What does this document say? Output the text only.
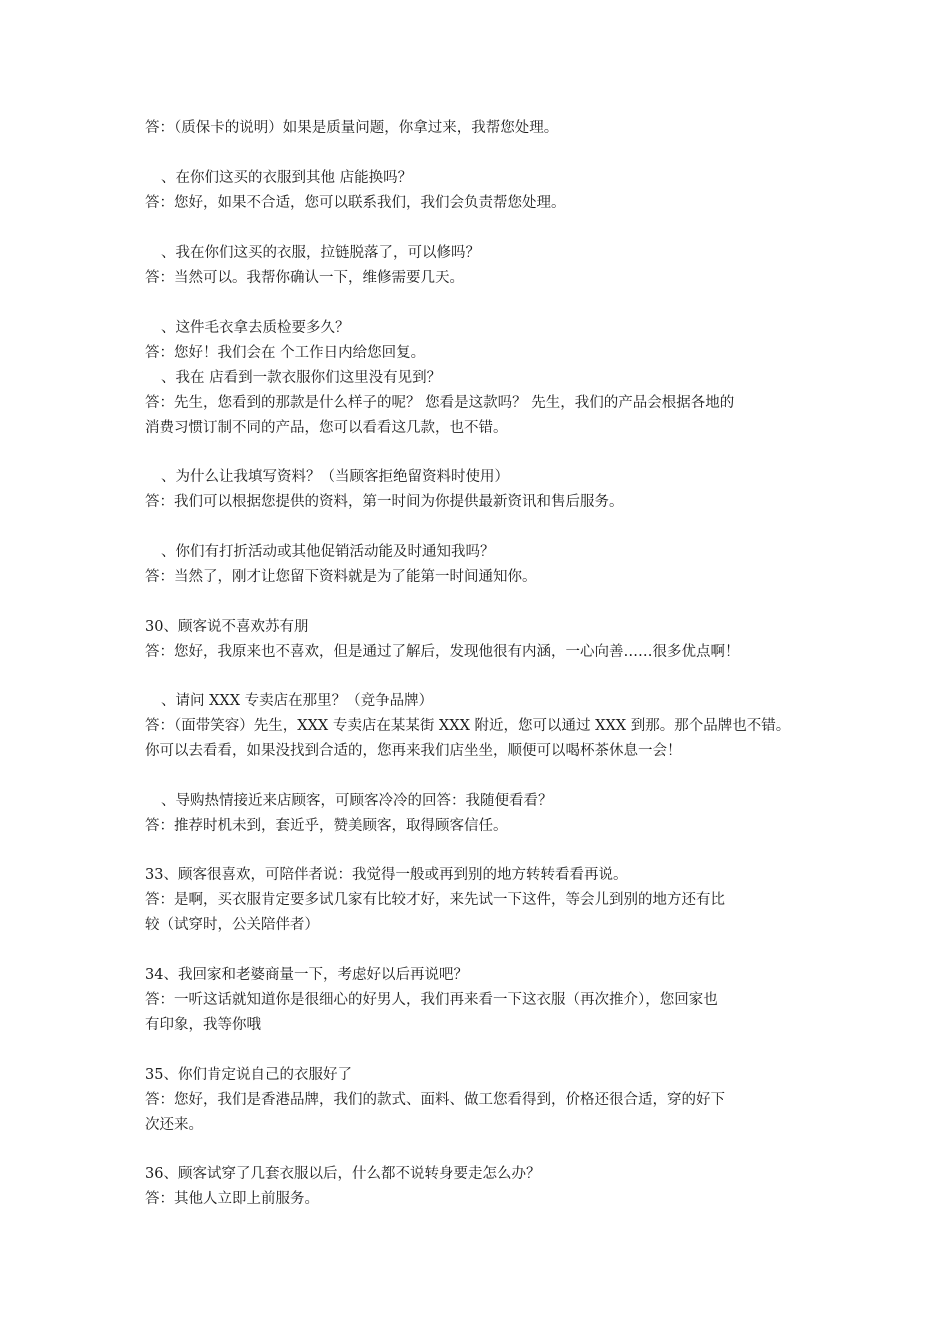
答：（质保卡的说明）如果是质量问题，你拿过来，我帮您处理。
、在你们这买的衣服到其他 店能换吗？
答：您好，如果不合适，您可以联系我们，我们会负责帮您处理。
、我在你们这买的衣服，拉链脱落了，可以修吗？
答：当然可以。我帮你确认一下，维修需要几天。
、这件毛衣拿去质检要多久？
答：您好！我们会在 个工作日内给您回复。
、我在 店看到一款衣服你们这里没有见到？
答：先生，您看到的那款是什么样子的呢？ 您看是这款吗？ 先生，我们的产品会根据各地的
消费习惯订制不同的产品，您可以看看这几款，也不错。
、为什么让我填写资料？（当顾客拒绝留资料时使用）
答：我们可以根据您提供的资料，第一时间为你提供最新资讯和售后服务。
、你们有打折活动或其他促销活动能及时通知我吗？
答：当然了，刚才让您留下资料就是为了能第一时间通知你。
30、顾客说不喜欢苏有朋
答：您好，我原来也不喜欢，但是通过了解后，发现他很有内涵，一心向善……很多优点啊！
、请问 XXX 专卖店在那里？（竞争品牌）
答：（面带笑容）先生，XXX 专卖店在某某街 XXX 附近，您可以通过 XXX 到那。那个品牌也不错。
你可以去看看，如果没找到合适的，您再来我们店坐坐，顺便可以喝杯茶休息一会！
、导购热情接近来店顾客，可顾客冷冷的回答：我随便看看？
答：推荐时机未到，套近乎，赞美顾客，取得顾客信任。
33、顾客很喜欢，可陪伴者说：我觉得一般或再到别的地方转转看看再说。
答：是啊，买衣服肯定要多试几家有比较才好，来先试一下这件，等会儿到别的地方还有比
较（试穿时，公关陪伴者）
34、我回家和老婆商量一下，考虑好以后再说吧？
答：一听这话就知道你是很细心的好男人，我们再来看一下这衣服（再次推介），您回家也
有印象，我等你哦
35、你们肯定说自己的衣服好了
答：您好，我们是香港品牌，我们的款式、面料、做工您看得到，价格还很合适，穿的好下
次还来。
36、顾客试穿了几套衣服以后，什么都不说转身要走怎么办？
答：其他人立即上前服务。
